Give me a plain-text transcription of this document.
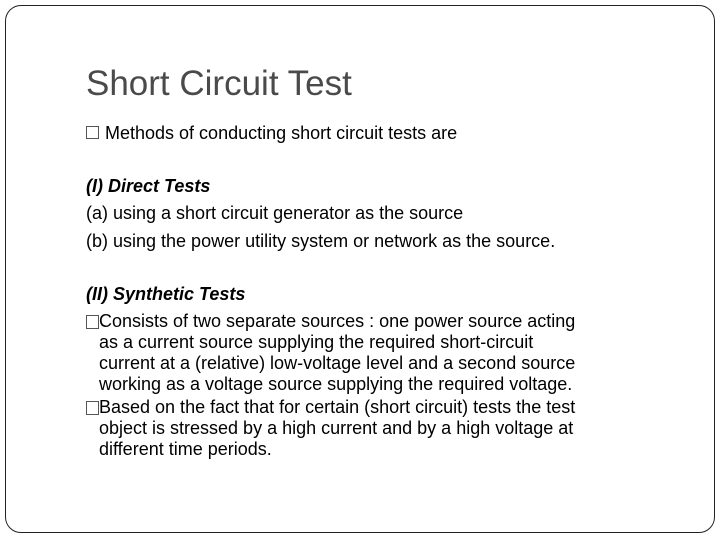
Short Circuit Test
Methods of conducting short circuit tests are
(I) Direct Tests
(a) using a short circuit generator as the source
(b) using the power utility system or network as the source.
(II) Synthetic Tests
Consists of two separate sources : one power source acting
as a current source supplying the required short-circuit
current at a (relative) low-voltage level and a second source
working as a voltage source supplying the required voltage.
Based on the fact that for certain (short circuit) tests the test
object is stressed by a high current and by a high voltage at
different time periods.
